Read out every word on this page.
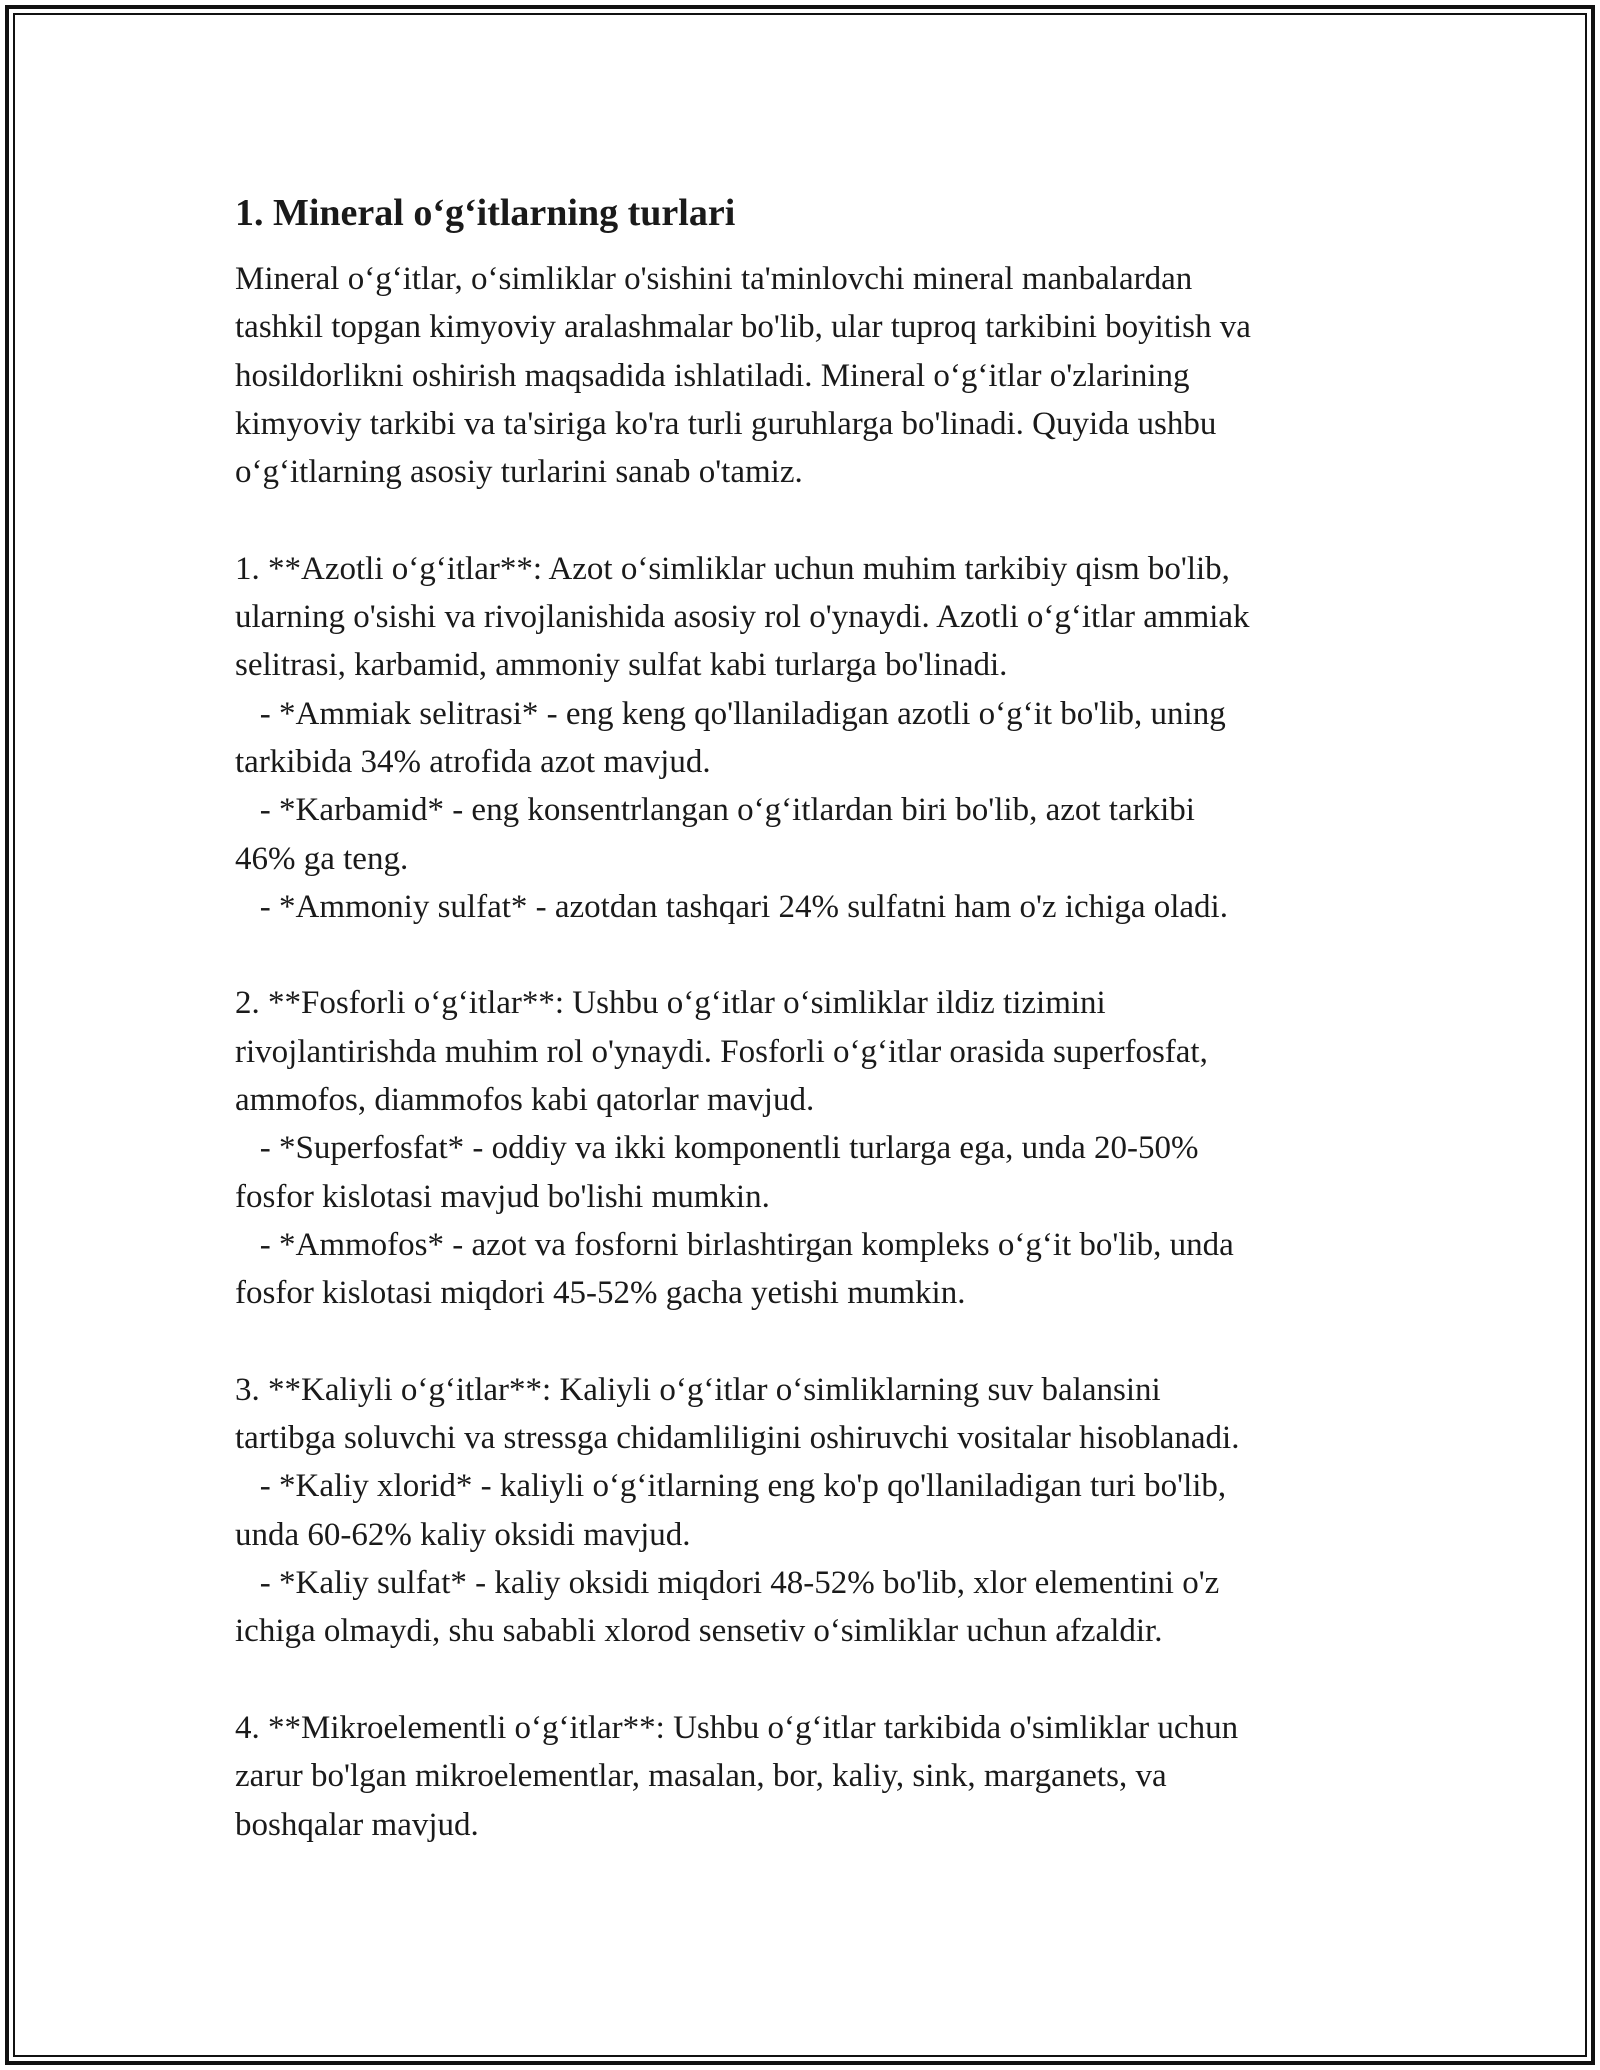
1. Mineral o‘g‘itlarning turlari
Mineral o‘g‘itlar, o‘simliklar o'sishini ta'minlovchi mineral manbalardan
tashkil topgan kimyoviy aralashmalar bo'lib, ular tuproq tarkibini boyitish va
hosildorlikni oshirish maqsadida ishlatiladi. Mineral o‘g‘itlar o'zlarining
kimyoviy tarkibi va ta'siriga ko'ra turli guruhlarga bo'linadi. Quyida ushbu
o‘g‘itlarning asosiy turlarini sanab o'tamiz.
1. **Azotli o‘g‘itlar**: Azot o‘simliklar uchun muhim tarkibiy qism bo'lib,
ularning o'sishi va rivojlanishida asosiy rol o'ynaydi. Azotli o‘g‘itlar ammiak
selitrasi, karbamid, ammoniy sulfat kabi turlarga bo'linadi.
- *Ammiak selitrasi* - eng keng qo'llaniladigan azotli o‘g‘it bo'lib, uning
tarkibida 34% atrofida azot mavjud.
- *Karbamid* - eng konsentrlangan o‘g‘itlardan biri bo'lib, azot tarkibi
46% ga teng.
- *Ammoniy sulfat* - azotdan tashqari 24% sulfatni ham o'z ichiga oladi.
2. **Fosforli o‘g‘itlar**: Ushbu o‘g‘itlar o‘simliklar ildiz tizimini
rivojlantirishda muhim rol o'ynaydi. Fosforli o‘g‘itlar orasida superfosfat,
ammofos, diammofos kabi qatorlar mavjud.
- *Superfosfat* - oddiy va ikki komponentli turlarga ega, unda 20-50%
fosfor kislotasi mavjud bo'lishi mumkin.
- *Ammofos* - azot va fosforni birlashtirgan kompleks o‘g‘it bo'lib, unda
fosfor kislotasi miqdori 45-52% gacha yetishi mumkin.
3. **Kaliyli o‘g‘itlar**: Kaliyli o‘g‘itlar o‘simliklarning suv balansini
tartibga soluvchi va stressga chidamliligini oshiruvchi vositalar hisoblanadi.
- *Kaliy xlorid* - kaliyli o‘g‘itlarning eng ko'p qo'llaniladigan turi bo'lib,
unda 60-62% kaliy oksidi mavjud.
- *Kaliy sulfat* - kaliy oksidi miqdori 48-52% bo'lib, xlor elementini o'z
ichiga olmaydi, shu sababli xlorod sensetiv o‘simliklar uchun afzaldir.
4. **Mikroelementli o‘g‘itlar**: Ushbu o‘g‘itlar tarkibida o'simliklar uchun
zarur bo'lgan mikroelementlar, masalan, bor, kaliy, sink, marganets, va
boshqalar mavjud.
